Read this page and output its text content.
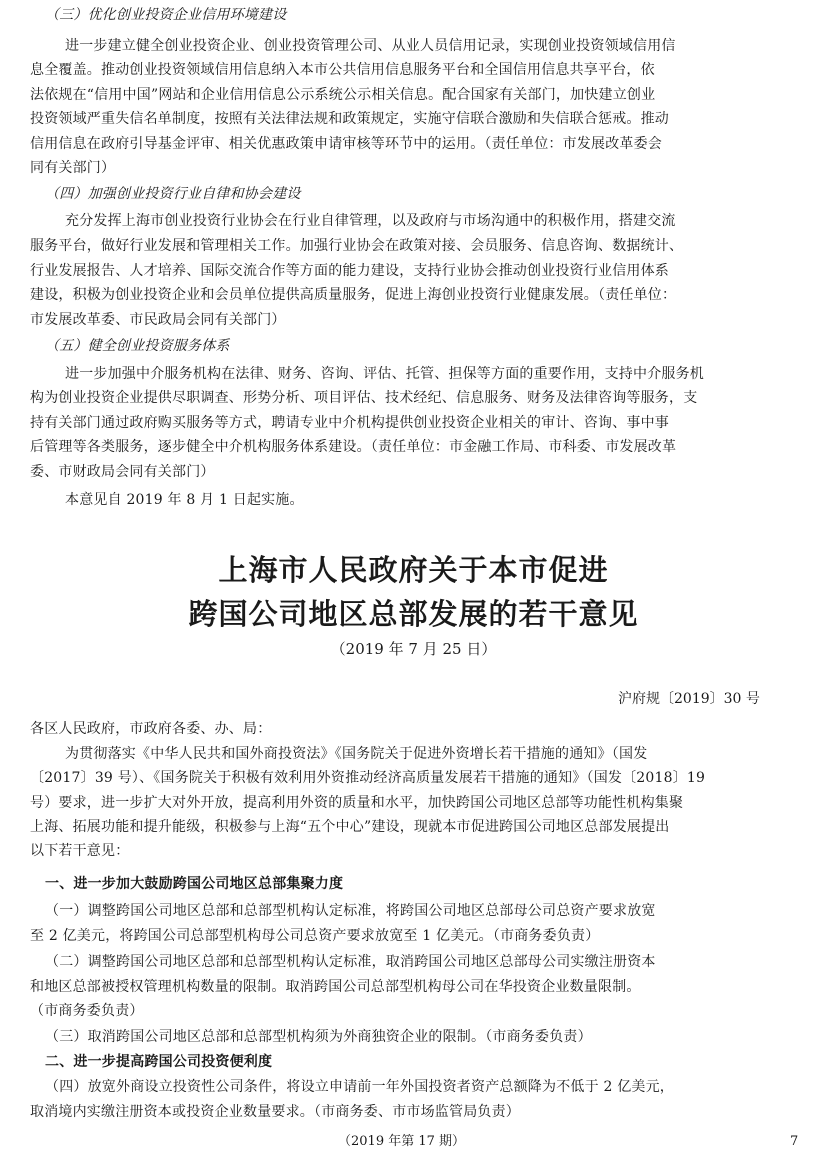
（三）优化创业投资企业信用环境建设
进一步建立健全创业投资企业、创业投资管理公司、从业人员信用记录，实现创业投资领域信用信
息全覆盖。推动创业投资领域信用信息纳入本市公共信用信息服务平台和全国信用信息共享平台，依
法依规在“信用中国”网站和企业信用信息公示系统公示相关信息。配合国家有关部门，加快建立创业
投资领域严重失信名单制度，按照有关法律法规和政策规定，实施守信联合激励和失信联合惩戒。推动
信用信息在政府引导基金评审、相关优惠政策申请审核等环节中的运用。（责任单位：市发展改革委会
同有关部门）
（四）加强创业投资行业自律和协会建设
充分发挥上海市创业投资行业协会在行业自律管理，以及政府与市场沟通中的积极作用，搭建交流
服务平台，做好行业发展和管理相关工作。加强行业协会在政策对接、会员服务、信息咨询、数据统计、
行业发展报告、人才培养、国际交流合作等方面的能力建设，支持行业协会推动创业投资行业信用体系
建设，积极为创业投资企业和会员单位提供高质量服务，促进上海创业投资行业健康发展。（责任单位：
市发展改革委、市民政局会同有关部门）
（五）健全创业投资服务体系
进一步加强中介服务机构在法律、财务、咨询、评估、托管、担保等方面的重要作用，支持中介服务机
构为创业投资企业提供尽职调查、形势分析、项目评估、技术经纪、信息服务、财务及法律咨询等服务，支
持有关部门通过政府购买服务等方式，聘请专业中介机构提供创业投资企业相关的审计、咨询、事中事
后管理等各类服务，逐步健全中介机构服务体系建设。（责任单位：市金融工作局、市科委、市发展改革
委、市财政局会同有关部门）
本意见自 2019 年 8 月 1 日起实施。
上海市人民政府关于本市促进
跨国公司地区总部发展的若干意见
（2019 年 7 月 25 日）
沪府规〔2019〕30 号
各区人民政府，市政府各委、办、局：
为贯彻落实《中华人民共和国外商投资法》《国务院关于促进外资增长若干措施的通知》（国发
〔2017〕39 号）、《国务院关于积极有效利用外资推动经济高质量发展若干措施的通知》（国发〔2018〕19
号）要求，进一步扩大对外开放，提高利用外资的质量和水平，加快跨国公司地区总部等功能性机构集聚
上海、拓展功能和提升能级，积极参与上海“五个中心”建设，现就本市促进跨国公司地区总部发展提出
以下若干意见：
一、进一步加大鼓励跨国公司地区总部集聚力度
（一）调整跨国公司地区总部和总部型机构认定标准，将跨国公司地区总部母公司总资产要求放宽
至 2 亿美元，将跨国公司总部型机构母公司总资产要求放宽至 1 亿美元。（市商务委负责）
（二）调整跨国公司地区总部和总部型机构认定标准，取消跨国公司地区总部母公司实缴注册资本
和地区总部被授权管理机构数量的限制。取消跨国公司总部型机构母公司在华投资企业数量限制。
（市商务委负责）
（三）取消跨国公司地区总部和总部型机构须为外商独资企业的限制。（市商务委负责）
二、进一步提高跨国公司投资便利度
（四）放宽外商设立投资性公司条件，将设立申请前一年外国投资者资产总额降为不低于 2 亿美元，
取消境内实缴注册资本或投资企业数量要求。（市商务委、市市场监管局负责）
（2019 年第 17 期）	7
